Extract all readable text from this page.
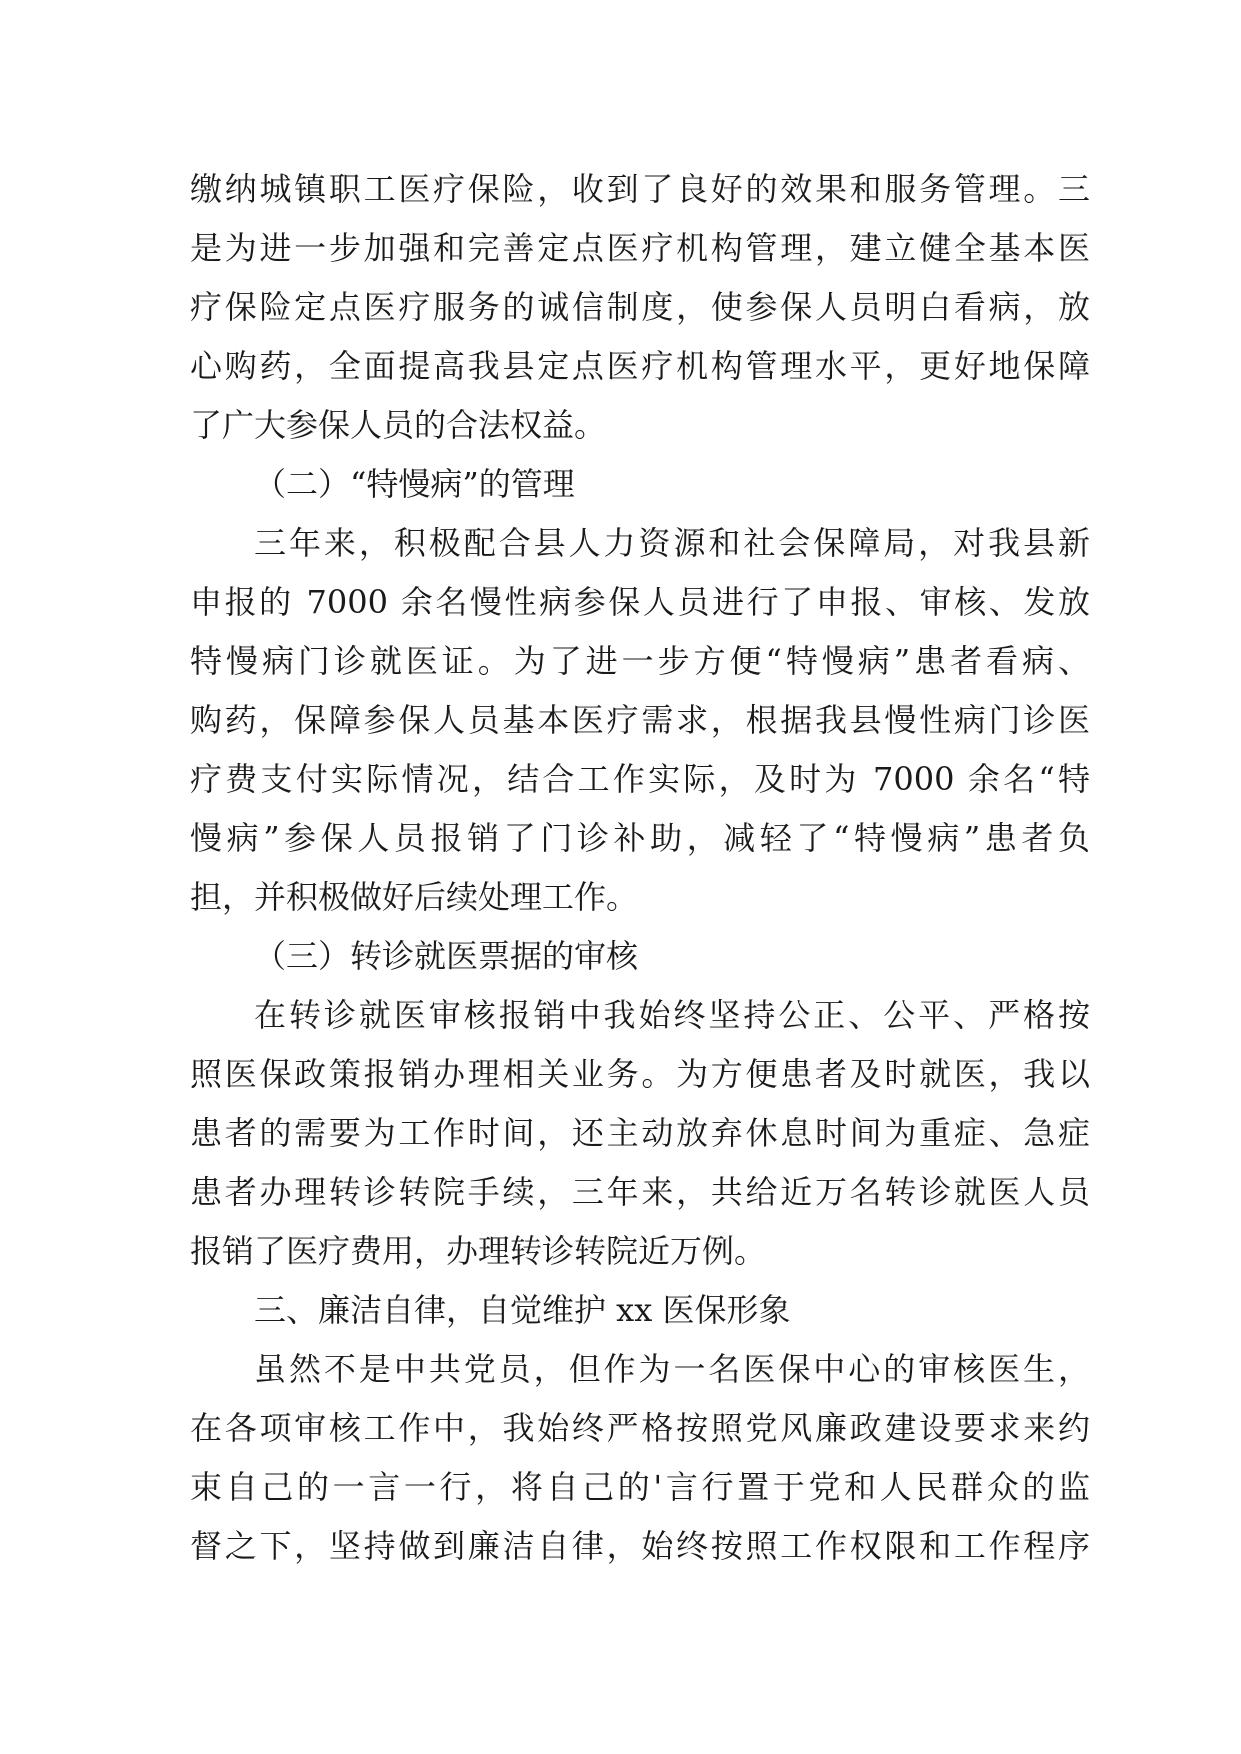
缴纳城镇职工医疗保险，收到了良好的效果和服务管理。三
是为进一步加强和完善定点医疗机构管理，建立健全基本医
疗保险定点医疗服务的诚信制度，使参保人员明白看病，放
心购药，全面提高我县定点医疗机构管理水平，更好地保障
了广大参保人员的合法权益。
（二）“特慢病”的管理
三年来，积极配合县人力资源和社会保障局，对我县新
申报的 7000 余名慢性病参保人员进行了申报、审核、发放
特慢病门诊就医证。为了进一步方便“特慢病”患者看病、
购药，保障参保人员基本医疗需求，根据我县慢性病门诊医
疗费支付实际情况，结合工作实际，及时为 7000 余名“特
慢病”参保人员报销了门诊补助，减轻了“特慢病”患者负
担，并积极做好后续处理工作。
（三）转诊就医票据的审核
在转诊就医审核报销中我始终坚持公正、公平、严格按
照医保政策报销办理相关业务。为方便患者及时就医，我以
患者的需要为工作时间，还主动放弃休息时间为重症、急症
患者办理转诊转院手续，三年来，共给近万名转诊就医人员
报销了医疗费用，办理转诊转院近万例。
三、廉洁自律，自觉维护 xx 医保形象
虽然不是中共党员，但作为一名医保中心的审核医生，
在各项审核工作中，我始终严格按照党风廉政建设要求来约
束自己的一言一行，将自己的'言行置于党和人民群众的监
督之下，坚持做到廉洁自律，始终按照工作权限和工作程序
